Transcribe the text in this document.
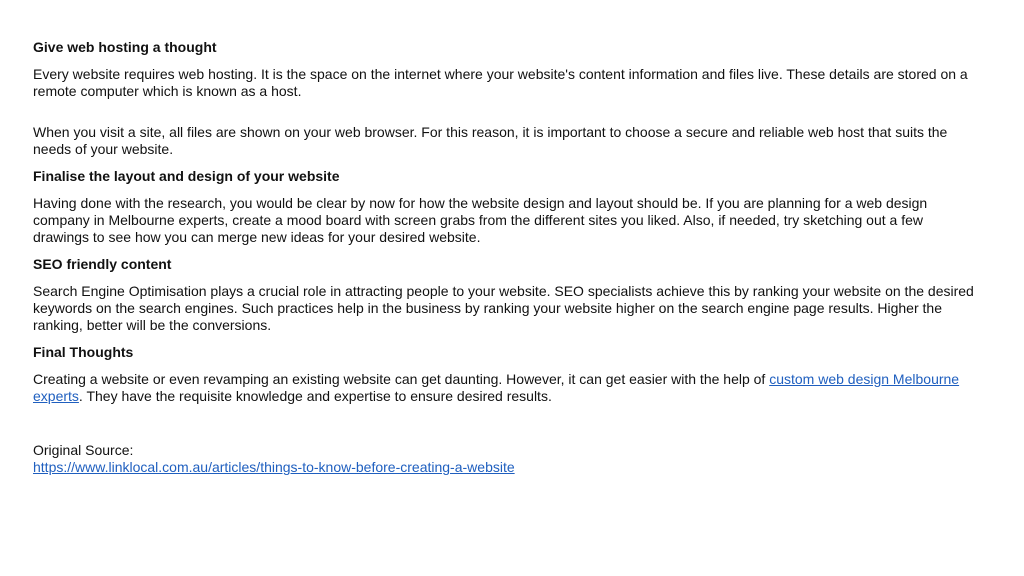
Give web hosting a thought
Every website requires web hosting. It is the space on the internet where your website's content information and files live. These details are stored on a remote computer which is known as a host.
When you visit a site, all files are shown on your web browser. For this reason, it is important to choose a secure and reliable web host that suits the needs of your website.
Finalise the layout and design of your website
Having done with the research, you would be clear by now for how the website design and layout should be. If you are planning for a web design company in Melbourne experts, create a mood board with screen grabs from the different sites you liked. Also, if needed, try sketching out a few drawings to see how you can merge new ideas for your desired website.
SEO friendly content
Search Engine Optimisation plays a crucial role in attracting people to your website. SEO specialists achieve this by ranking your website on the desired keywords on the search engines. Such practices help in the business by ranking your website higher on the search engine page results. Higher the ranking, better will be the conversions.
Final Thoughts
Creating a website or even revamping an existing website can get daunting. However, it can get easier with the help of custom web design Melbourne experts. They have the requisite knowledge and expertise to ensure desired results.
Original Source:
https://www.linklocal.com.au/articles/things-to-know-before-creating-a-website
